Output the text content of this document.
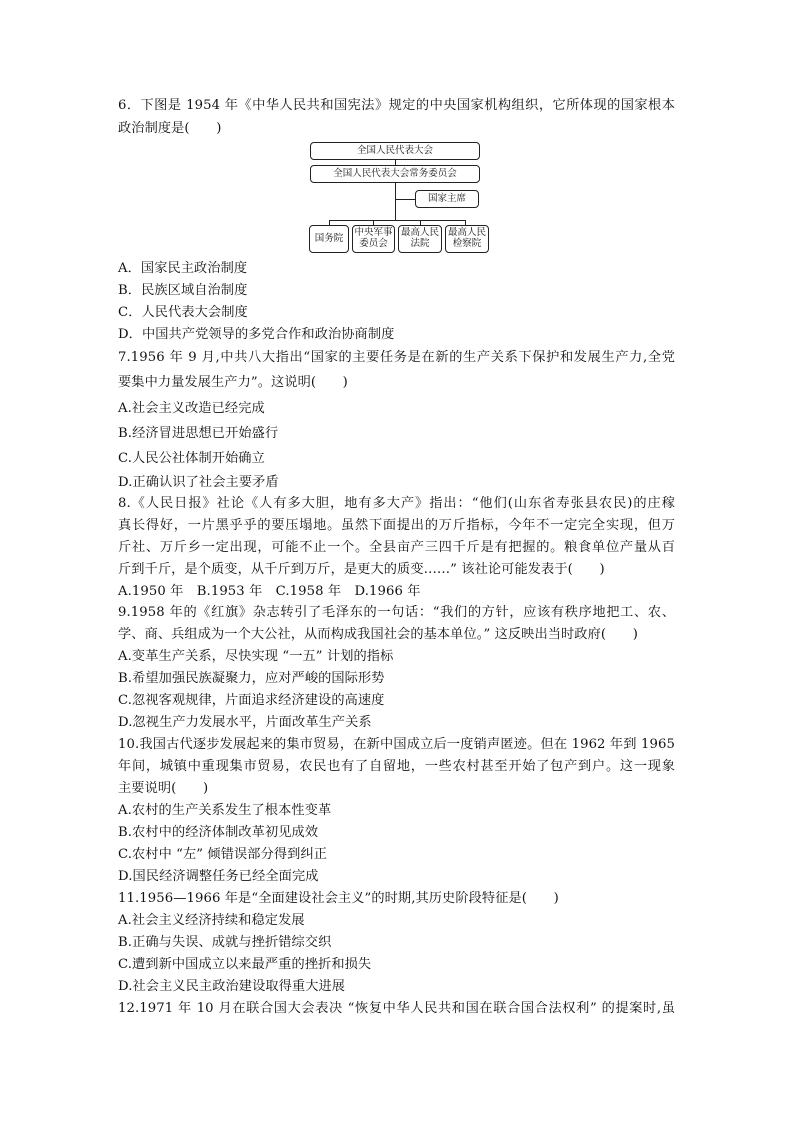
6．下图是 1954 年《中华人民共和国宪法》规定的中央国家机构组织，它所体现的国家根本
政治制度是(　　)
全国人民代表大会
全国人民代表大会常务委员会
国家主席
国务院 中央军事
委员会
最高人民
法院
最高人民
检察院
A．国家民主政治制度
B．民族区域自治制度
C．人民代表大会制度
D．中国共产党领导的多党合作和政治协商制度
7.1956 年 9 月,中共八大指出“国家的主要任务是在新的生产关系下保护和发展生产力,全党
要集中力量发展生产力”。这说明(　　)
A.社会主义改造已经完成
B.经济冒进思想已开始盛行
C.人民公社体制开始确立
D.正确认识了社会主要矛盾
8.《人民日报》社论《人有多大胆，地有多大产》指出：“他们(山东省寿张县农民)的庄稼
真长得好，一片黑乎乎的要压塌地。虽然下面提出的万斤指标，今年不一定完全实现，但万
斤社、万斤乡一定出现，可能不止一个。全县亩产三四千斤是有把握的。粮食单位产量从百
斤到千斤，是个质变，从千斤到万斤，是更大的质变……” 该社论可能发表于(　　)
A.1950 年　B.1953 年　C.1958 年　D.1966 年
9.1958 年的《红旗》杂志转引了毛泽东的一句话：“我们的方针，应该有秩序地把工、农、
学、商、兵组成为一个大公社，从而构成我国社会的基本单位。” 这反映出当时政府(　　)
A.变革生产关系，尽快实现 “一五” 计划的指标
B.希望加强民族凝聚力，应对严峻的国际形势
C.忽视客观规律，片面追求经济建设的高速度
D.忽视生产力发展水平，片面改革生产关系
10.我国古代逐步发展起来的集市贸易，在新中国成立后一度销声匿迹。但在 1962 年到 1965
年间，城镇中重现集市贸易，农民也有了自留地，一些农村甚至开始了包产到户。这一现象
主要说明(　　)
A.农村的生产关系发生了根本性变革
B.农村中的经济体制改革初见成效
C.农村中 “左” 倾错误部分得到纠正
D.国民经济调整任务已经全面完成
11.1956—1966 年是“全面建设社会主义”的时期,其历史阶段特征是(　　)
A.社会主义经济持续和稳定发展
B.正确与失误、成就与挫折错综交织
C.遭到新中国成立以来最严重的挫折和损失
D.社会主义民主政治建设取得重大进展
12.1971 年 10 月在联合国大会表决 “恢复中华人民共和国在联合国合法权利” 的提案时,虽
